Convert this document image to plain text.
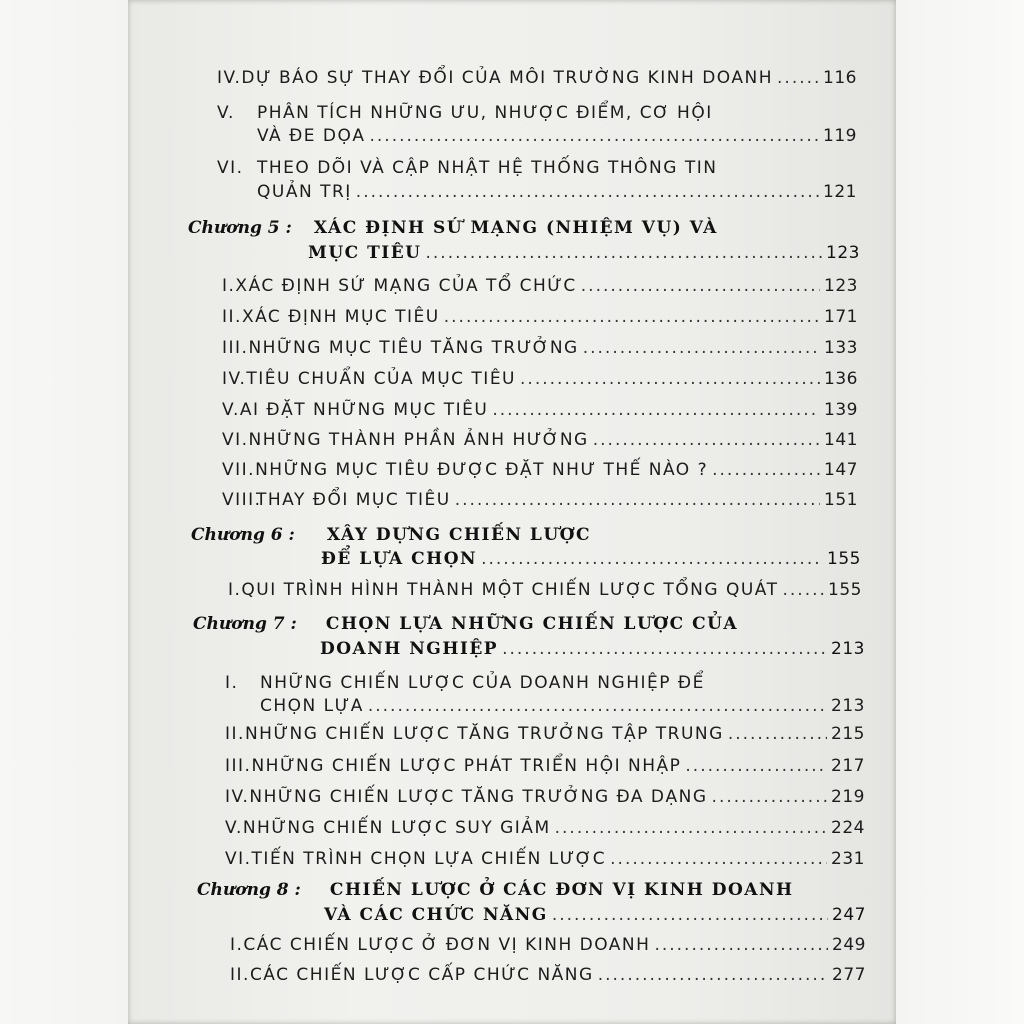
IV. DỰ BÁO SỰ THAY ĐỔI CỦA MÔI TRƯỜNG KINH DOANH .....	116
V.	PHÂN TÍCH NHỮNG ƯU, NHƯỢC ĐIỂM, CƠ HỘI
VÀ ĐE DỌA .....	119
VI. THEO DÕI VÀ CẬP NHẬT HỆ THỐNG THÔNG TIN
QUẢN TRỊ .....	121
Chương 5 : XÁC ĐỊNH SỨ MẠNG (NHIỆM VỤ) VÀ
MỤC TIÊU .....	123
I. XÁC ĐỊNH SỨ MẠNG CỦA TỔ CHỨC .....	123
II. XÁC ĐỊNH MỤC TIÊU .....	171
III. NHỮNG MỤC TIÊU TĂNG TRƯỞNG .....	133
IV. TIÊU CHUẨN CỦA MỤC TIÊU .....	136
V. AI ĐẶT NHỮNG MỤC TIÊU .....	139
VI. NHỮNG THÀNH PHẦN ẢNH HƯỞNG .....	141
VII. NHỮNG MỤC TIÊU ĐƯỢC ĐẶT NHƯ THẾ NÀO ? .....	147
VIII.
THAY ĐỔI MỤC TIÊU .....	151
Chương 6 : XÂY DỰNG CHIẾN LƯỢC
ĐỂ LỰA CHỌN .....	155
I. QUI TRÌNH HÌNH THÀNH MỘT CHIẾN LƯỢC TỔNG QUÁT .....	155
Chương 7 : CHỌN LỰA NHỮNG CHIẾN LƯỢC CỦA
DOANH NGHIỆP .....	213
I.	NHỮNG CHIẾN LƯỢC CỦA DOANH NGHIỆP ĐỂ
CHỌN LỰA .....	213
II. NHỮNG CHIẾN LƯỢC TĂNG TRƯỞNG TẬP TRUNG .....	215
III. NHỮNG CHIẾN LƯỢC PHÁT TRIỂN HỘI NHẬP .....	217
IV. NHỮNG CHIẾN LƯỢC TĂNG TRƯỞNG ĐA DẠNG .....	219
V. NHỮNG CHIẾN LƯỢC SUY GIẢM .....	224
VI. TIẾN TRÌNH CHỌN LỰA CHIẾN LƯỢC .....	231
Chương 8 : CHIẾN LƯỢC Ở CÁC ĐƠN VỊ KINH DOANH
VÀ CÁC CHỨC NĂNG .....	247
I. CÁC CHIẾN LƯỢC Ở ĐƠN VỊ KINH DOANH .....	249
II. CÁC CHIẾN LƯỢC CẤP CHỨC NĂNG .....	277
